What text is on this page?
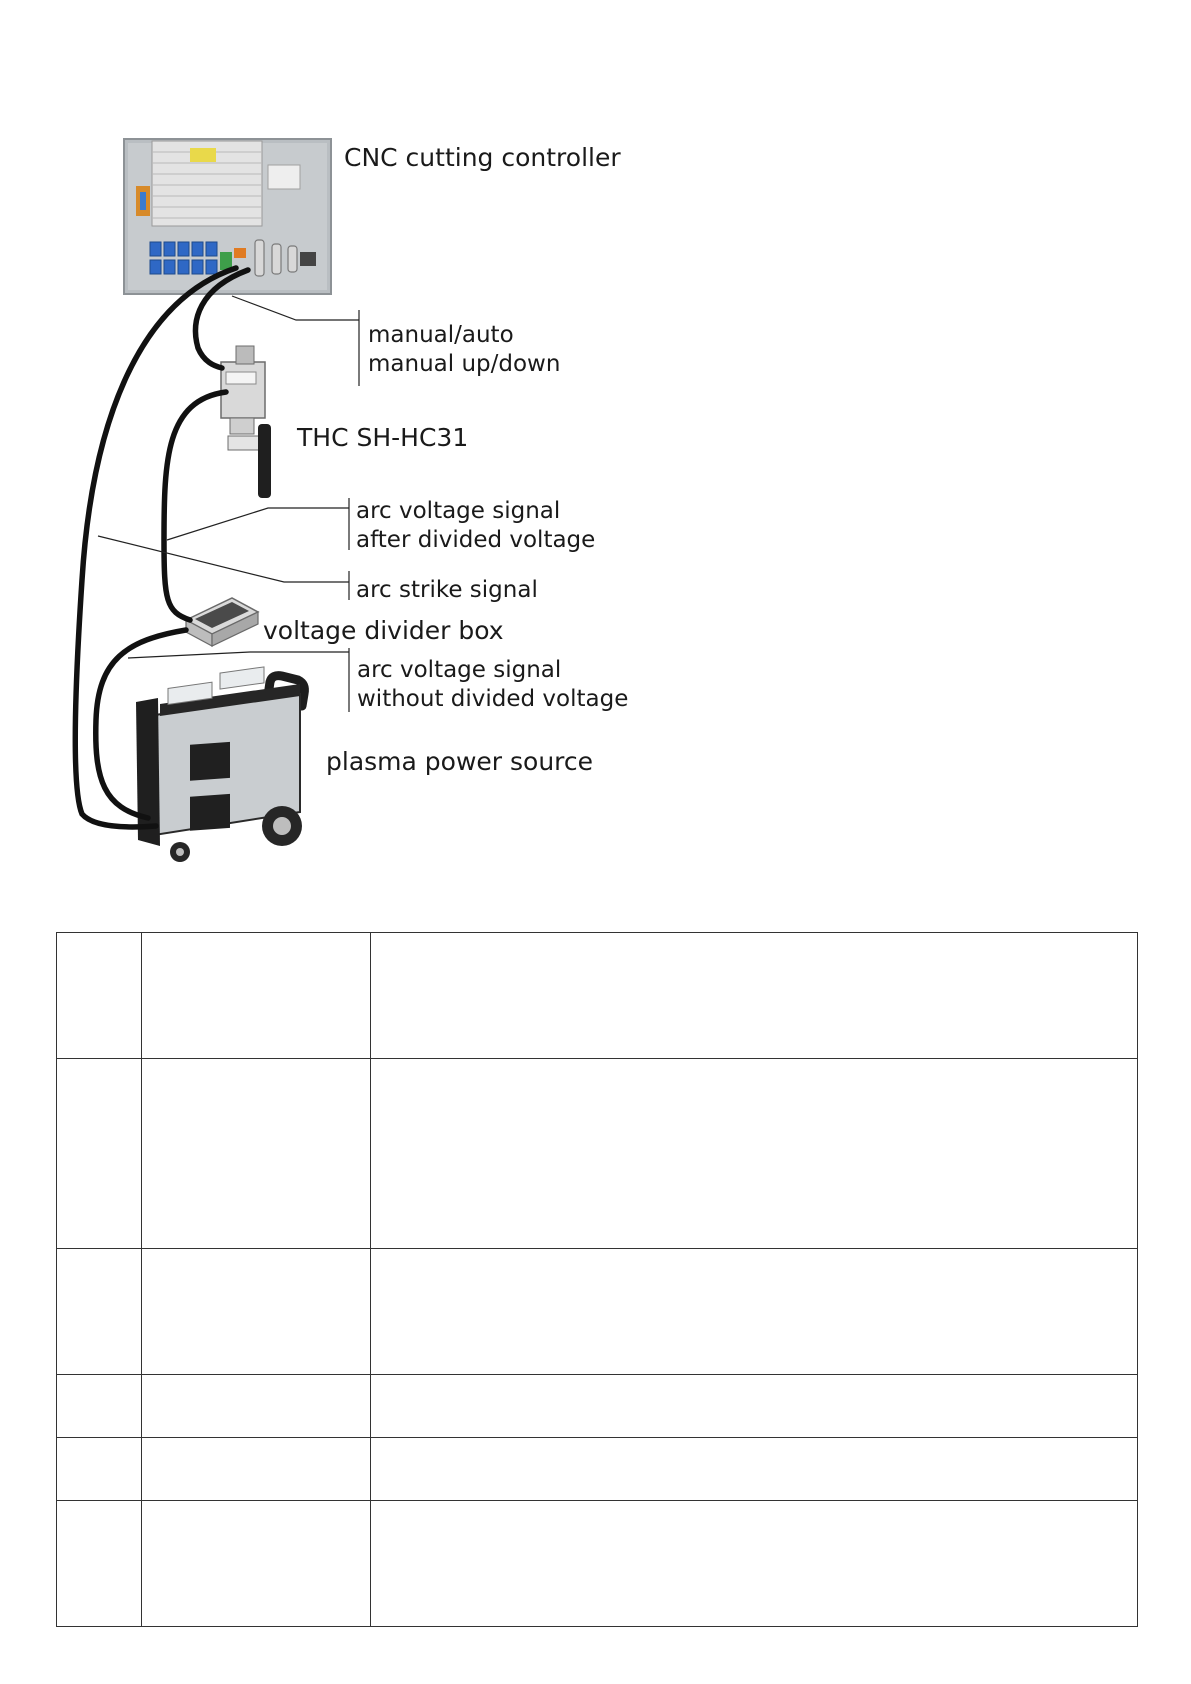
CNC cutting controller
manual/auto
manual up/down
THC SH-HC31
arc voltage signal
after divided voltage
arc strike signal
voltage divider box
arc voltage signal
without divided voltage
plasma power source
